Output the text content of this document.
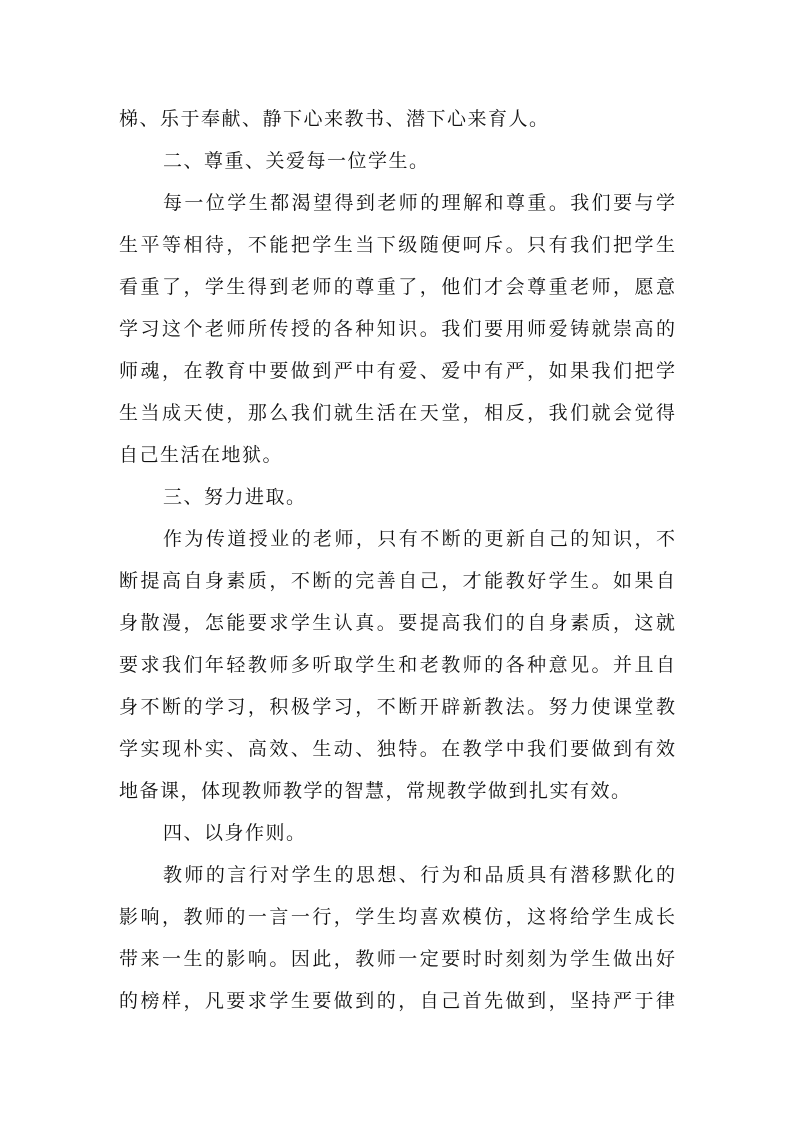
梯、乐于奉献、静下心来教书、潜下心来育人。
二、尊重、关爱每一位学生。
每一位学生都渴望得到老师的理解和尊重。我们要与学
生平等相待，不能把学生当下级随便呵斥。只有我们把学生
看重了，学生得到老师的尊重了，他们才会尊重老师，愿意
学习这个老师所传授的各种知识。我们要用师爱铸就崇高的
师魂，在教育中要做到严中有爱、爱中有严，如果我们把学
生当成天使，那么我们就生活在天堂，相反，我们就会觉得
自己生活在地狱。
三、努力进取。
作为传道授业的老师，只有不断的更新自己的知识，不
断提高自身素质，不断的完善自己，才能教好学生。如果自
身散漫，怎能要求学生认真。要提高我们的自身素质，这就
要求我们年轻教师多听取学生和老教师的各种意见。并且自
身不断的学习，积极学习，不断开辟新教法。努力使课堂教
学实现朴实、高效、生动、独特。在教学中我们要做到有效
地备课，体现教师教学的智慧，常规教学做到扎实有效。
四、以身作则。
教师的言行对学生的思想、行为和品质具有潜移默化的
影响，教师的一言一行，学生均喜欢模仿，这将给学生成长
带来一生的影响。因此，教师一定要时时刻刻为学生做出好
的榜样，凡要求学生要做到的，自己首先做到，坚持严于律
